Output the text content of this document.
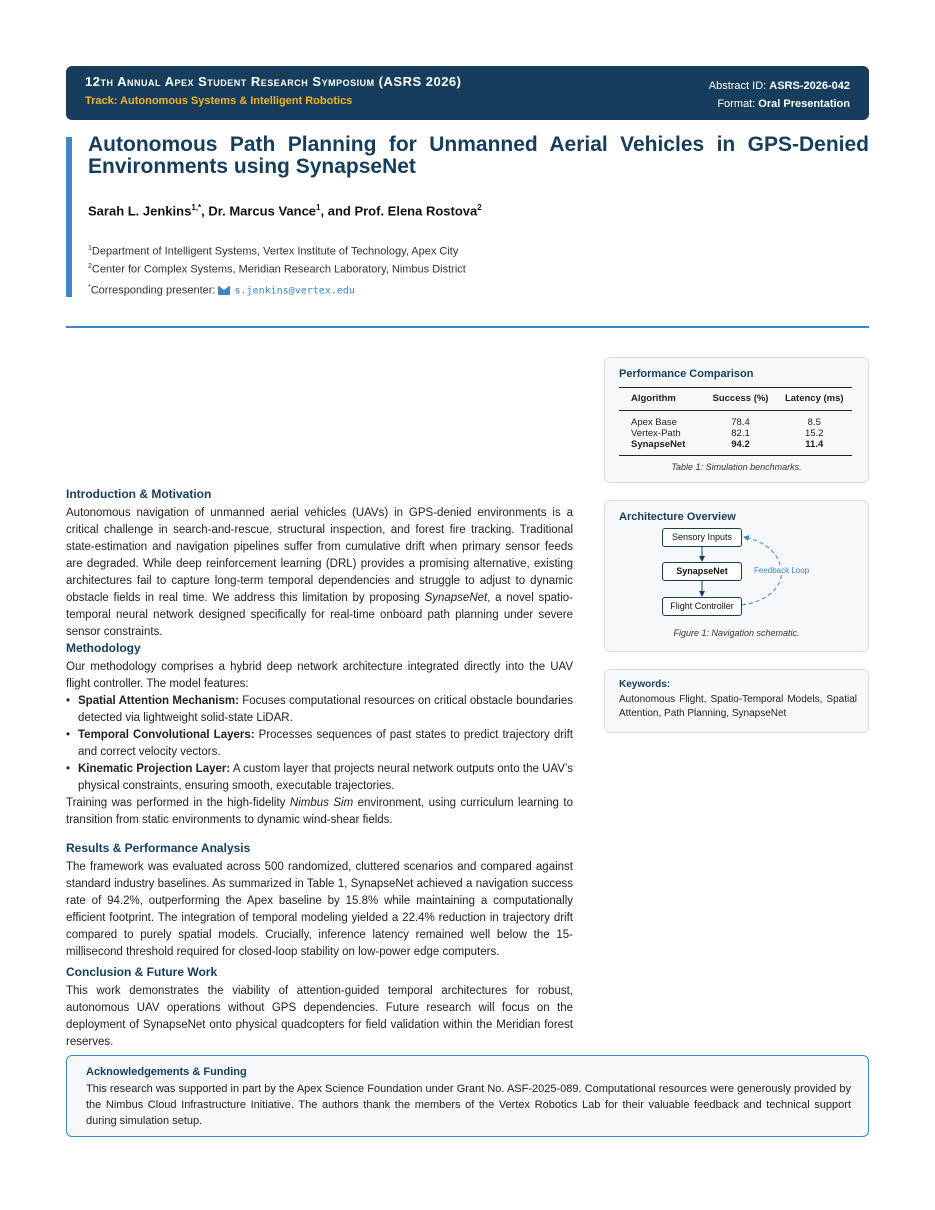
12th Annual Apex Student Research Symposium (ASRS 2026)
Track: Autonomous Systems & Intelligent Robotics
Abstract ID: ASRS-2026-042
Format: Oral Presentation
Autonomous Path Planning for Unmanned Aerial Vehicles in GPS-Denied Environments using SynapseNet
Sarah L. Jenkins$^{1,*}$, Dr. Marcus Vance$^1$, and Prof. Elena Rostova$^2$
$^1$Department of Intelligent Systems, Vertex Institute of Technology, Apex City
$^2$Center for Complex Systems, Meridian Research Laboratory, Nimbus District
*Corresponding presenter: s.jenkins@vertex.edu
Introduction & Motivation

Autonomous navigation of unmanned aerial vehicles (UAVs) in GPS-denied environments is a critical challenge in search-and-rescue, structural inspection, and forest fire tracking. Traditional state-estimation and navigation pipelines suffer from cumulative drift when primary sensor feeds are degraded. While deep reinforcement learning (DRL) provides a promising alternative, existing architectures fail to capture long-term temporal dependencies and struggle to adjust to dynamic obstacle fields in real time. We address this limitation by proposing SynapseNet, a novel spatio-temporal neural network designed specifically for real-time onboard path planning under severe sensor constraints.

Methodology

Our methodology comprises a hybrid deep network architecture integrated directly into the UAV flight controller. The model features:

• Spatial Attention Mechanism: Focuses computational resources on critical obstacle boundaries detected via lightweight solid-state LiDAR.
• Temporal Convolutional Layers: Processes sequences of past states to predict trajectory drift and correct velocity vectors.
• Kinematic Projection Layer: A custom layer that projects neural network outputs onto the UAV’s physical constraints, ensuring smooth, executable trajectories.

Training was performed in the high-fidelity Nimbus Sim environment, using curriculum learning to transition from static environments to dynamic wind-shear fields.

Results & Performance Analysis

The framework was evaluated across 500 randomized, cluttered scenarios and compared against standard industry baselines. As summarized in Table 1, SynapseNet achieved a navigation success rate of 94.2%, outperforming the Apex baseline by 15.8% while maintaining a computationally efficient footprint. The integration of temporal modeling yielded a 22.4% reduction in trajectory drift compared to purely spatial models. Crucially, inference latency remained well below the 15-millisecond threshold required for closed-loop stability on low-power edge computers.

Conclusion & Future Work

This work demonstrates the viability of attention-guided temporal architectures for robust, autonomous UAV operations without GPS dependencies. Future research will focus on the deployment of SynapseNet onto physical quadcopters for field validation within the Meridian forest reserves.

Performance Comparison
Algorithm	Success (%)	Latency (ms)
Apex Base	78.4	8.5
Vertex-Path	82.1	15.2
SynapseNet	94.2	11.4
Table 1: Simulation benchmarks.
Architecture Overview
Sensory Inputs
SynapseNet
Flight Controller
Feedback Loop
Figure 1: Navigation schematic.
Keywords:
Autonomous Flight, Spatio-Temporal Models, Spatial Attention, Path Planning, SynapseNet
Acknowledgements & Funding

This research was supported in part by the Apex Science Foundation under Grant No. ASF-2025-089. Computational resources were generously provided by the Nimbus Cloud Infrastructure Initiative. The authors thank the members of the Vertex Robotics Lab for their valuable feedback and technical support during simulation setup.
